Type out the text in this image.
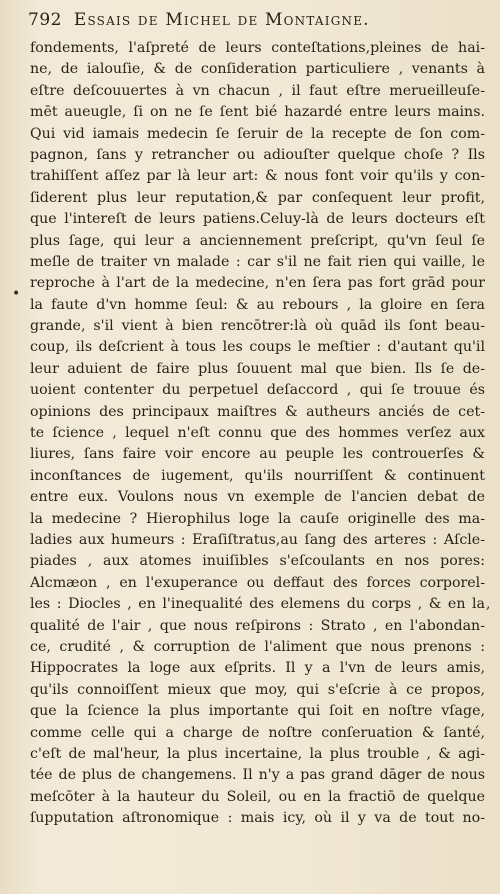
792 Essais de Michel de Montaigne.
•
,
fondements, l'aſpreté de leurs conteſtations,pleines de hai-
ne, de ialouſie, & de conſideration particuliere , venants à
eſtre deſcouuertes à vn chacun , il faut eſtre merueilleuſe-
mēt aueugle, ſi on ne ſe ſent bié hazardé entre leurs mains.
Qui vid iamais medecin ſe ſeruir de la recepte de ſon com-
pagnon, ſans y retrancher ou adiouſter quelque choſe ? Ils
trahiſſent aſſez par là leur art: & nous font voir qu'ils y con-
ſiderent plus leur reputation,& par conſequent leur profit,
que l'intereſt de leurs patiens.Celuy-là de leurs docteurs eſt
plus ſage, qui leur a anciennement preſcript, qu'vn ſeul ſe
meſle de traiter vn malade : car s'il ne fait rien qui vaille, le
reproche à l'art de la medecine, n'en ſera pas fort grād pour
la faute d'vn homme ſeul: & au rebours , la gloire en ſera
grande, s'il vient à bien rencōtrer:là où quād ils ſont beau-
coup, ils deſcrient à tous les coups le meſtier : d'autant qu'il
leur aduient de faire plus ſouuent mal que bien. Ils ſe de-
uoient contenter du perpetuel deſaccord , qui ſe trouue és
opinions des principaux maiſtres & autheurs anciés de cet-
te ſcience , lequel n'eſt connu que des hommes verſez aux
liures, ſans faire voir encore au peuple les controuerſes &
inconſtances de iugement, qu'ils nourriſſent & continuent
entre eux. Voulons nous vn exemple de l'ancien debat de
la medecine ? Hierophilus loge la cauſe originelle des ma-
ladies aux humeurs : Eraſiſtratus,au ſang des arteres : Aſcle-
piades , aux atomes inuiſibles s'eſcoulants en nos pores:
Alcmæon , en l'exuperance ou deffaut des forces corporel-
les : Diocles , en l'inequalité des elemens du corps , & en la
qualité de l'air , que nous reſpirons : Strato , en l'abondan-
ce, crudité , & corruption de l'aliment que nous prenons :
Hippocrates la loge aux eſprits. Il y a l'vn de leurs amis,
qu'ils connoiſſent mieux que moy, qui s'eſcrie à ce propos,
que la ſcience la plus importante qui ſoit en noſtre vſage,
comme celle qui a charge de noſtre conſeruation & ſanté,
c'eſt de mal'heur, la plus incertaine, la plus trouble , & agi-
tée de plus de changemens. Il n'y a pas grand dāger de nous
meſcōter à la hauteur du Soleil, ou en la fractiō de quelque
ſupputation aſtronomique : mais icy, où il y va de tout no-
